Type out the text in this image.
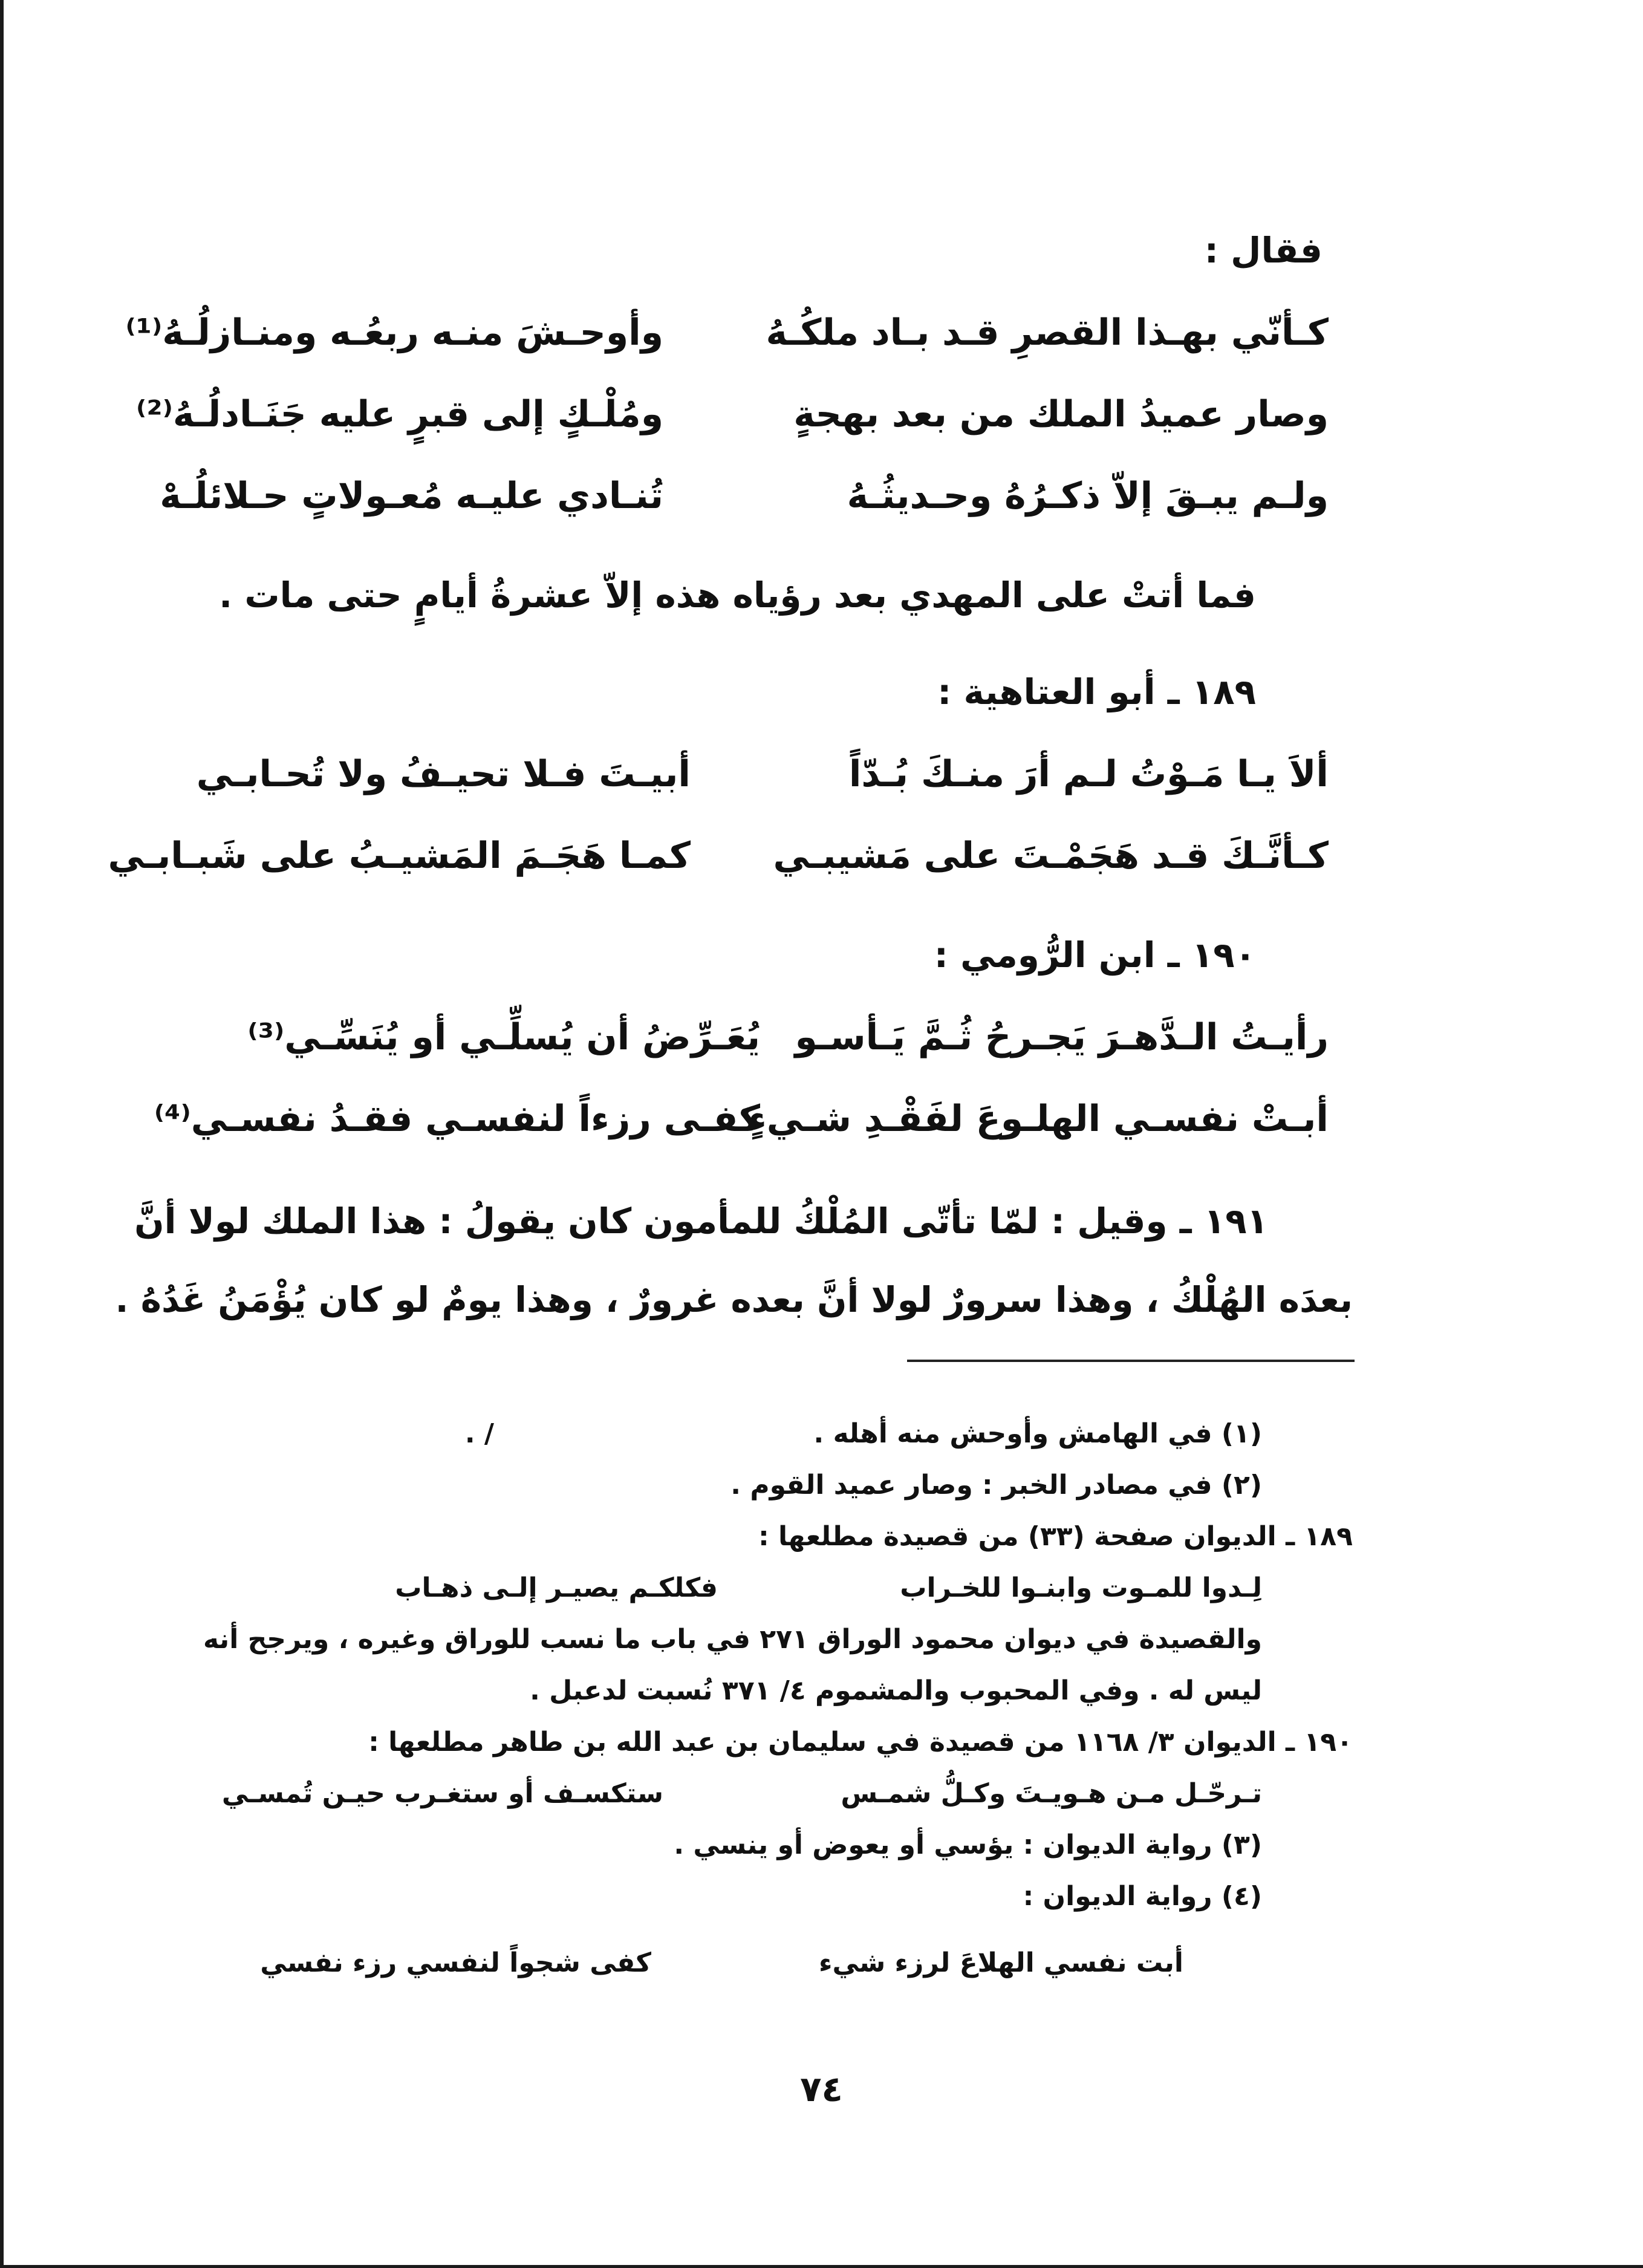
فقال :
كـأنّي بهـذا القصرِ قـد بـاد ملكُـهُ
وأوحـشَ منـه ربعُـه ومنـازلُـهُ⁽¹⁾
وصار عميدُ الملك من بعد بهجةٍ
ومُلْـكٍ إلى قبرٍ عليه جَنَـادلُـهُ⁽²⁾
ولـم يبـقَ إلاّ ذكـرُهُ وحـديثُـهُ
تُنـادي عليـه مُعـولاتٍ حـلائلُـهْ
فما أتتْ على المهدي بعد رؤياه هذه إلاّ عشرةُ أيامٍ حتى مات .
١٨٩ ـ أبو العتاهية :
ألاَ يـا مَـوْتُ لـم أرَ منـكَ بُـدّاً
أبيـتَ فـلا تحيـفُ ولا تُحـابـي
كـأنَّـكَ قـد هَجَمْـتَ على مَشيبـي
كمـا هَجَـمَ المَشيـبُ على شَبـابـي
١٩٠ ـ ابن الرُّومي :
رأيـتُ الـدَّهـرَ يَجـرحُ ثُـمَّ يَـأسـو
يُعَـرِّضُ أن يُسلِّـي أو يُنَسِّـي⁽³⁾
أبـتْ نفسـي الهلـوعَ لفَقْـدِ شـيءٍ
كفـى رزءاً لنفسـي فقـدُ نفسـي⁽⁴⁾
١٩١ ـ وقيل : لمّا تأتّى المُلْكُ للمأمون كان يقولُ : هذا الملك لولا أنَّ
بعدَه الهُلْكُ ، وهذا سرورٌ لولا أنَّ بعده غرورٌ ، وهذا يومٌ لو كان يُؤْمَنُ غَدُهُ .
/ .	(١) في الهامش وأوحش منه أهله .
(٢) في مصادر الخبر : وصار عميد القوم .
١٨٩ ـ الديوان صفحة (٣٣) من قصيدة مطلعها :
لِـدوا للمـوت وابنـوا للخـراب
فكلكـم يصيـر إلـى ذهـاب
والقصيدة في ديوان محمود الوراق ٢٧١ في باب ما نسب للوراق وغيره ، ويرجح أنه
ليس له . وفي المحبوب والمشموم ٤/ ٣٧١ نُسبت لدعبل .
١٩٠ ـ الديوان ٣/ ١١٦٨ من قصيدة في سليمان بن عبد الله بن طاهر مطلعها :
تـرحّـل مـن هـويـتَ وكـلُّ شمـس
ستكسـف أو ستغـرب حيـن تُمسـي
(٣) رواية الديوان : يؤسي أو يعوض أو ينسي .
(٤) رواية الديوان :
أبت نفسي الهلاعَ لرزء شيء
كفى شجواً لنفسي رزء نفسي
٧٤
